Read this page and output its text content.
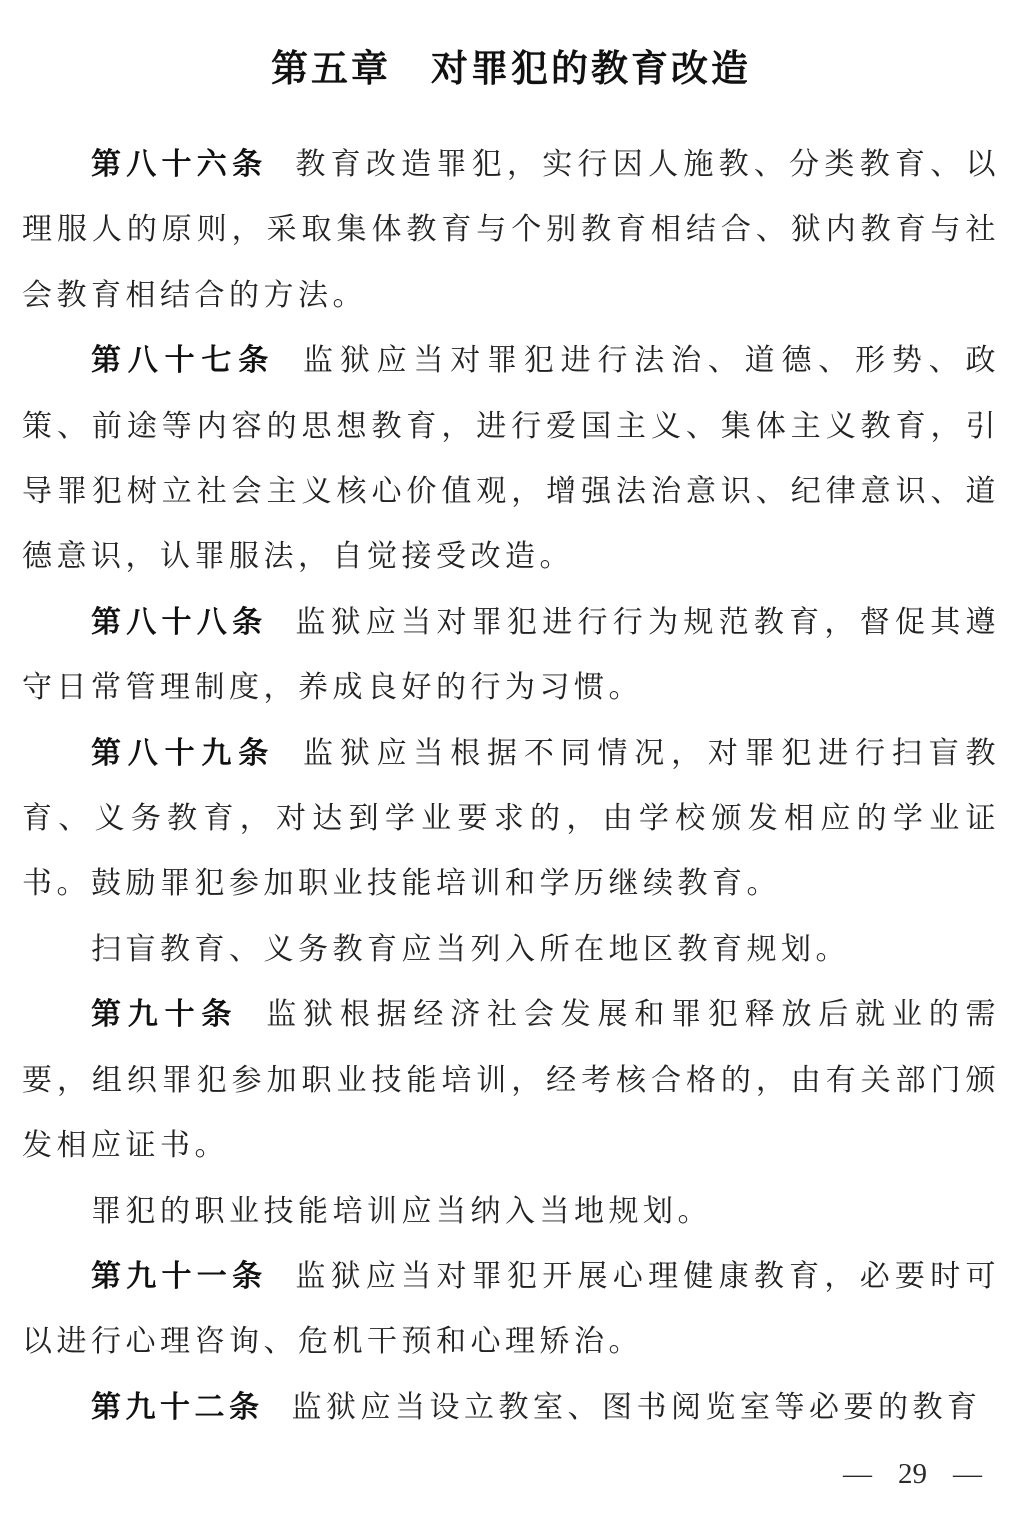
第五章　对罪犯的教育改造

第八十六条 教育改造罪犯，实行因人施教、分类教育、以理服人的原则，采取集体教育与个别教育相结合、狱内教育与社会教育相结合的方法。

第八十七条 监狱应当对罪犯进行法治、道德、形势、政策、前途等内容的思想教育，进行爱国主义、集体主义教育，引导罪犯树立社会主义核心价值观，增强法治意识、纪律意识、道德意识，认罪服法，自觉接受改造。

第八十八条 监狱应当对罪犯进行行为规范教育，督促其遵守日常管理制度，养成良好的行为习惯。

第八十九条 监狱应当根据不同情况，对罪犯进行扫盲教育、义务教育，对达到学业要求的，由学校颁发相应的学业证书。鼓励罪犯参加职业技能培训和学历继续教育。

扫盲教育、义务教育应当列入所在地区教育规划。

第九十条 监狱根据经济社会发展和罪犯释放后就业的需要，组织罪犯参加职业技能培训，经考核合格的，由有关部门颁发相应证书。

罪犯的职业技能培训应当纳入当地规划。

第九十一条 监狱应当对罪犯开展心理健康教育，必要时可以进行心理咨询、危机干预和心理矫治。

第九十二条 监狱应当设立教室、图书阅览室等必要的教育

— 29 —
